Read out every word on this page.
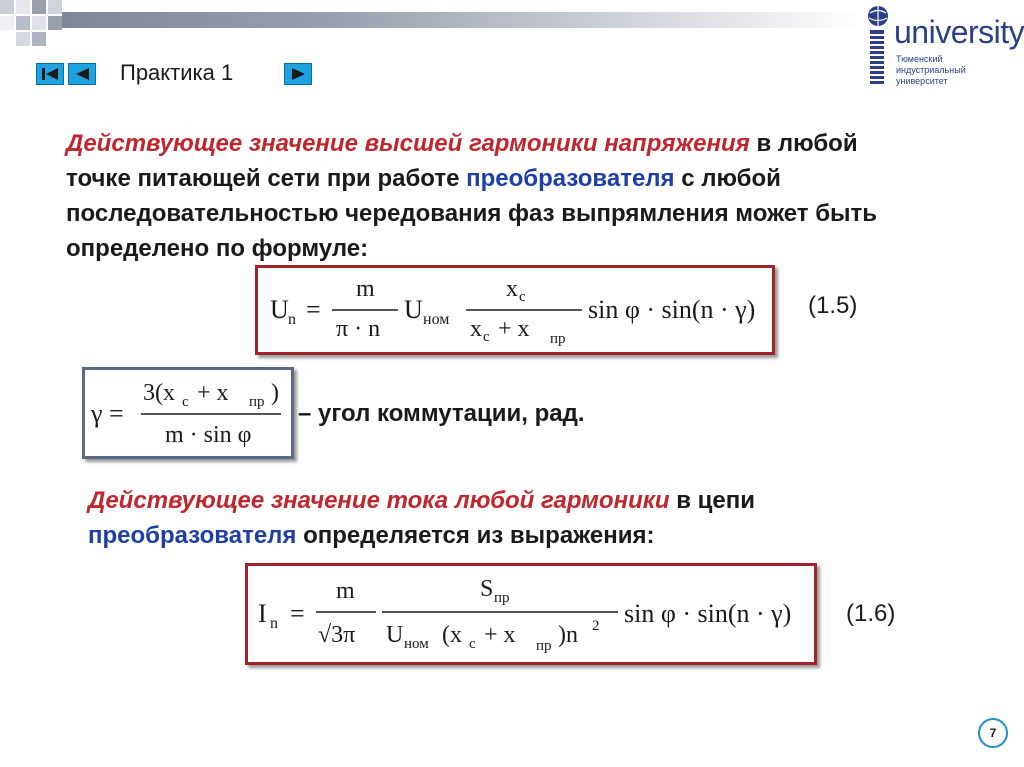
Практика 1
university
Тюменский
индустриальный
университет
Действующее значение высшей гармоники напряжения в любой точке питающей сети при работе преобразователя с любой последовательностью чередования фаз выпрямления может быть определено по формуле:
U n =
m
π · n
U ном
x c
x c + x пр
sin φ · sin(n · γ) (1.5)
γ =
3(x c + x пр )
m · sin φ
– угол коммутации, рад.
Действующее значение тока любой гармоники в цепи преобразователя определяется из выражения:
I n =
m
√3π
S пр
U ном (x c + x пр )n 2 sin φ · sin(n · γ) (1.6)
7
